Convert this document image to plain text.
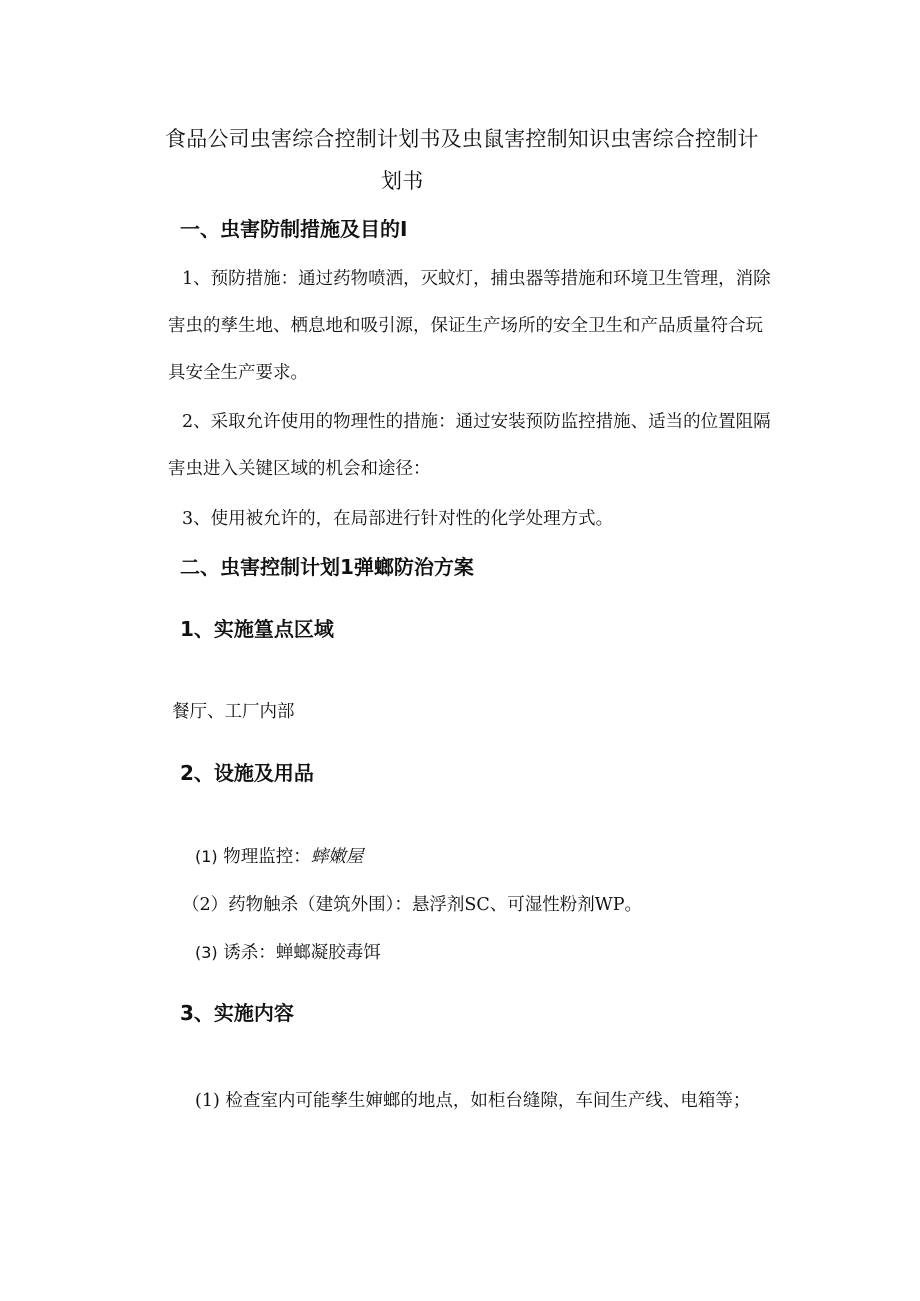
食品公司虫害综合控制计划书及虫鼠害控制知识虫害综合控制计
划书
一、虫害防制措施及目的I
1、预防措施：通过药物喷洒，灭蚊灯，捕虫器等措施和环境卫生管理，消除害虫的孳生地、栖息地和吸引源，保证生产场所的安全卫生和产品质量符合玩具安全生产要求。
2、采取允许使用的物理性的措施：通过安装预防监控措施、适当的位置阻隔害虫进入关键区域的机会和途径：
3、使用被允许的，在局部进行针对性的化学处理方式。
二、虫害控制计划1弹螂防治方案
1、实施篁点区域
餐厅、工厂内部
2、设施及用品
(1) 物理监控：蟀嫩屋
（2）药物触杀（建筑外围）：悬浮剂SC、可湿性粉剂WP。
(3) 诱杀：蝉螂凝胶毒饵
3、实施内容
(1) 检查室内可能孳生婶螂的地点，如柜台缝隙，车间生产线、电箱等；
